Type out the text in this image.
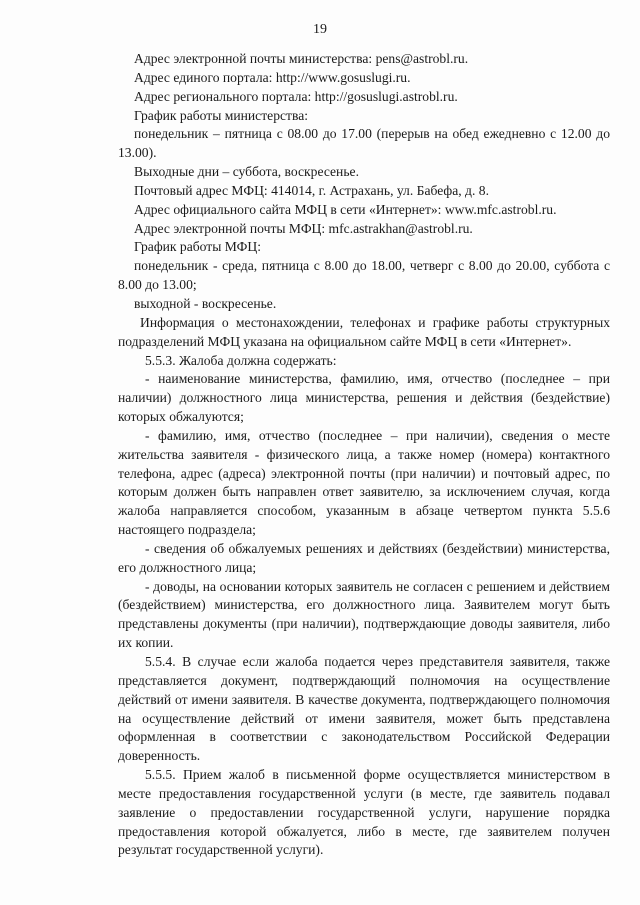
19

Адрес электронной почты министерства: pens@astrobl.ru.

Адрес единого портала: http://www.gosuslugi.ru.

Адрес регионального портала: http://gosuslugi.astrobl.ru.

График работы министерства:

понедельник – пятница с 08.00 до 17.00 (перерыв на обед ежедневно с 12.00 до 13.00).

Выходные дни – суббота, воскресенье.

Почтовый адрес МФЦ: 414014, г. Астрахань, ул. Бабефа, д. 8.

Адрес официального сайта МФЦ в сети «Интернет»: www.mfc.astrobl.ru.

Адрес электронной почты МФЦ: mfc.astrakhan@astrobl.ru.

График работы МФЦ:

понедельник - среда, пятница с 8.00 до 18.00, четверг с 8.00 до 20.00, суббота с 8.00 до 13.00;

выходной - воскресенье.

Информация о местонахождении, телефонах и графике работы структурных подразделений МФЦ указана на официальном сайте МФЦ в сети «Интернет».

5.5.3. Жалоба должна содержать:

- наименование министерства, фамилию, имя, отчество (последнее – при наличии) должностного лица министерства, решения и действия (бездействие) которых обжалуются;

- фамилию, имя, отчество (последнее – при наличии), сведения о месте жительства заявителя - физического лица, а также номер (номера) контактного телефона, адрес (адреса) электронной почты (при наличии) и почтовый адрес, по которым должен быть направлен ответ заявителю, за исключением случая, когда жалоба направляется способом, указанным в абзаце четвертом пункта 5.5.6 настоящего подраздела;

- сведения об обжалуемых решениях и действиях (бездействии) министерства, его должностного лица;

- доводы, на основании которых заявитель не согласен с решением и действием (бездействием) министерства, его должностного лица. Заявителем могут быть представлены документы (при наличии), подтверждающие доводы заявителя, либо их копии.

5.5.4. В случае если жалоба подается через представителя заявителя, также представляется документ, подтверждающий полномочия на осуществление действий от имени заявителя. В качестве документа, подтверждающего полномочия на осуществление действий от имени заявителя, может быть представлена оформленная в соответствии с законодательством Российской Федерации доверенность.

5.5.5. Прием жалоб в письменной форме осуществляется министерством в месте предоставления государственной услуги (в месте, где заявитель подавал заявление о предоставлении государственной услуги, нарушение порядка предоставления которой обжалуется, либо в месте, где заявителем получен результат государственной услуги).
